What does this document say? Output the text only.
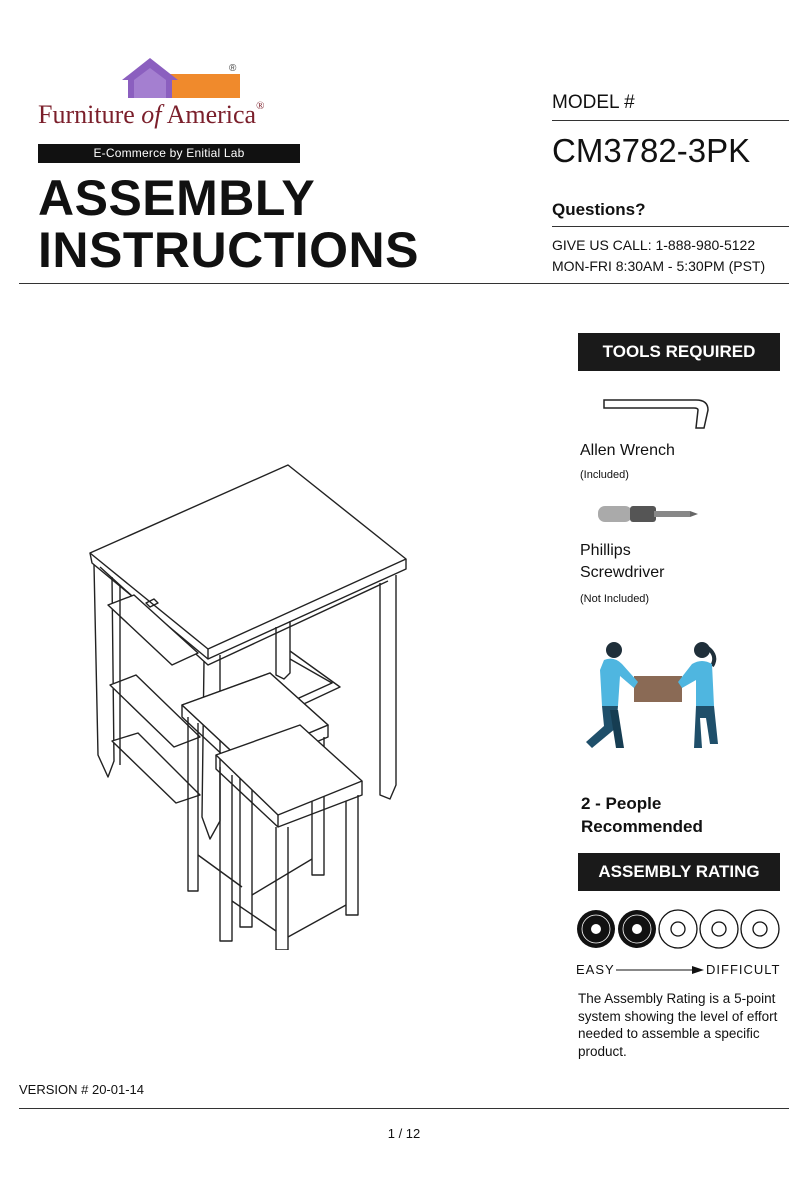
®
Furniture of America®
E-Commerce by Enitial Lab
ASSEMBLY
INSTRUCTIONS
MODEL #
CM3782-3PK
Questions?
GIVE US CALL: 1-888-980-5122
MON-FRI 8:30AM - 5:30PM (PST)
TOOLS REQUIRED
Allen Wrench
(Included)
Phillips
Screwdriver
(Not Included)
2 - People
Recommended
ASSEMBLY RATING
EASY	DIFFICULT
The Assembly Rating is a 5-point system showing the level of effort needed to assemble a specific product.
VERSION # 20-01-14
1 / 12
